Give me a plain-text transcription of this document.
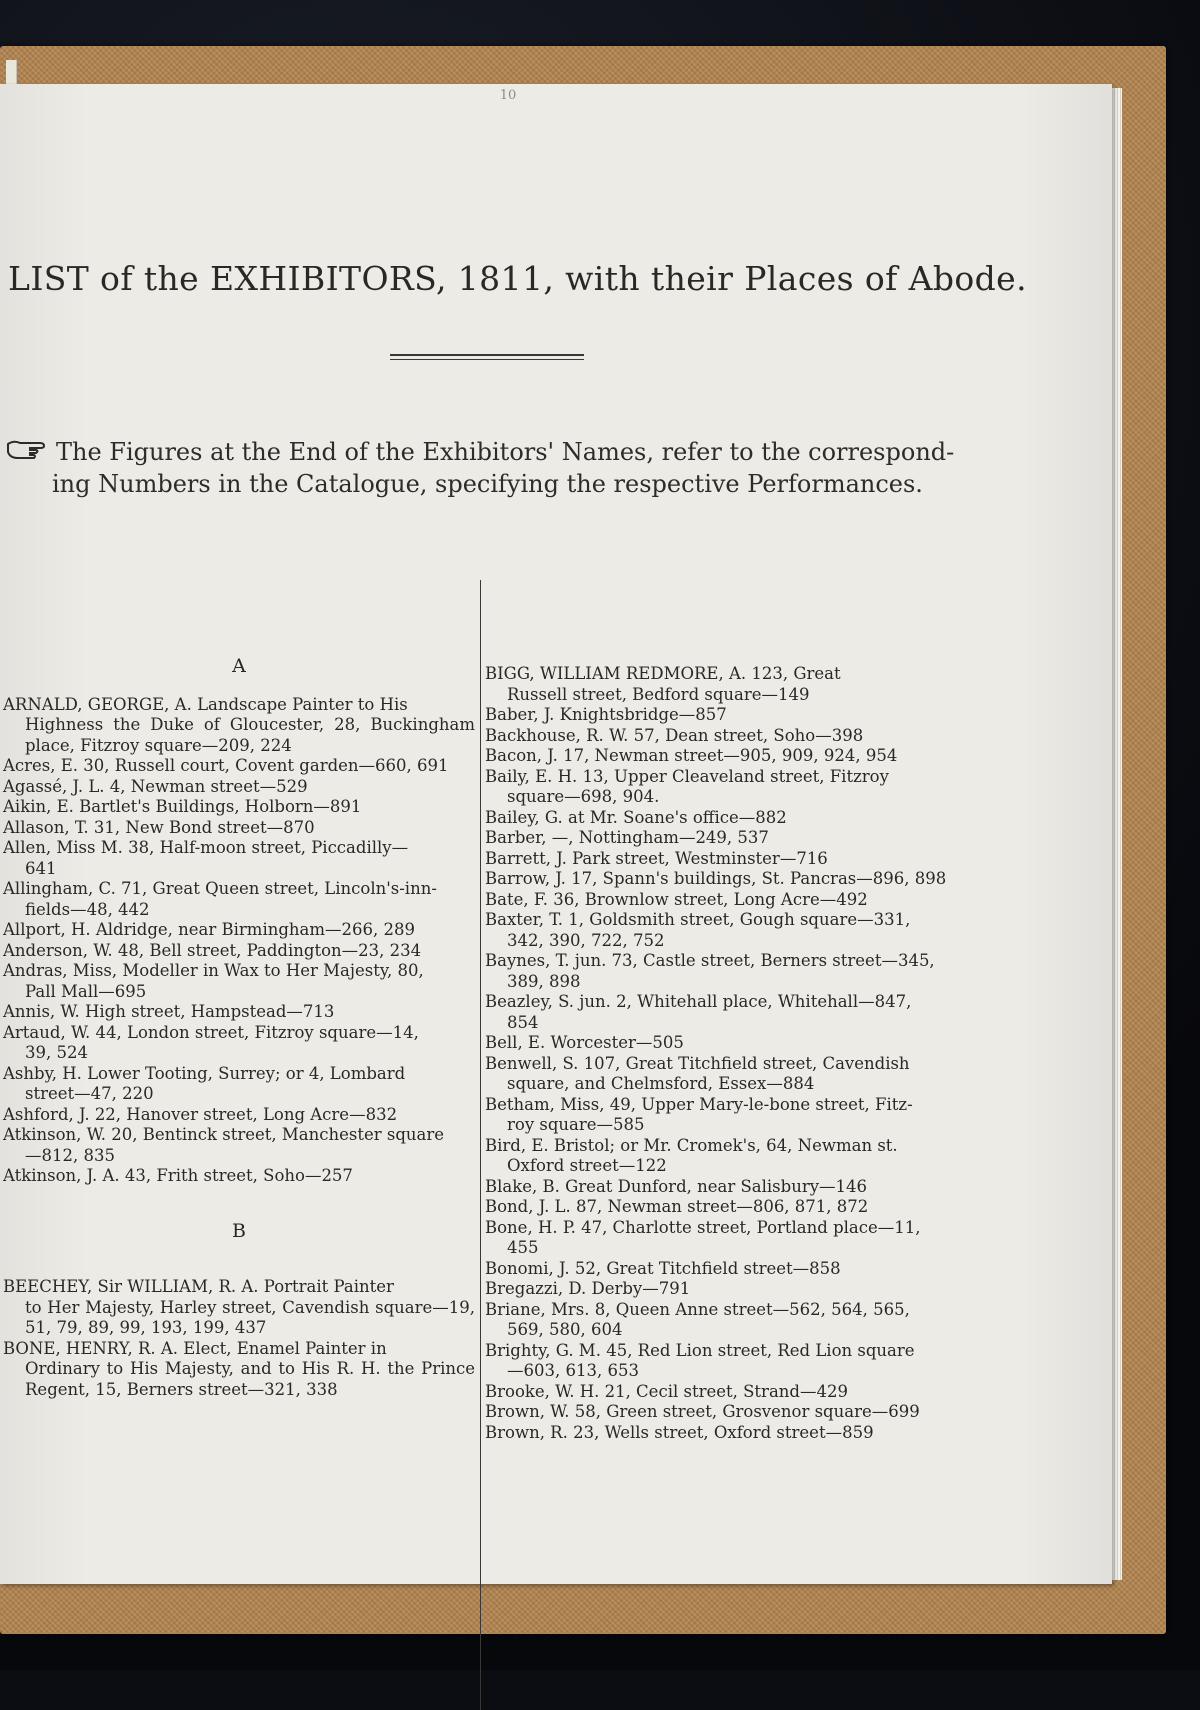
10
LIST of the EXHIBITORS, 1811, with their Places of Abode.
The Figures at the End of the Exhibitors' Names, refer to the correspond-
ing Numbers in the Catalogue, specifying the respective Performances.
A
ARNALD, GEORGE, A. Landscape Painter to His
Highness the Duke of Gloucester, 28, Buckingham place, Fitzroy square—209, 224
Acres, E. 30, Russell court, Covent garden—660, 691
Agassé, J. L. 4, Newman street—529
Aikin, E. Bartlet's Buildings, Holborn—891
Allason, T. 31, New Bond street—870
Allen, Miss M. 38, Half-moon street, Piccadilly—
641
Allingham, C. 71, Great Queen street, Lincoln's-inn-
fields—48, 442
Allport, H. Aldridge, near Birmingham—266, 289
Anderson, W. 48, Bell street, Paddington—23, 234
Andras, Miss, Modeller in Wax to Her Majesty, 80,
Pall Mall—695
Annis, W. High street, Hampstead—713
Artaud, W. 44, London street, Fitzroy square—14,
39, 524
Ashby, H. Lower Tooting, Surrey; or 4, Lombard
street—47, 220
Ashford, J. 22, Hanover street, Long Acre—832
Atkinson, W. 20, Bentinck street, Manchester square
—812, 835
Atkinson, J. A. 43, Frith street, Soho—257
B
BEECHEY, Sir WILLIAM, R. A. Portrait Painter
to Her Majesty, Harley street, Cavendish square—19, 51, 79, 89, 99, 193, 199, 437
BONE, HENRY, R. A. Elect, Enamel Painter in
Ordinary to His Majesty, and to His R. H. the Prince Regent, 15, Berners street—321, 338
BIGG, WILLIAM REDMORE, A. 123, Great
Russell street, Bedford square—149
Baber, J. Knightsbridge—857
Backhouse, R. W. 57, Dean street, Soho—398
Bacon, J. 17, Newman street—905, 909, 924, 954
Baily, E. H. 13, Upper Cleaveland street, Fitzroy
square—698, 904.
Bailey, G. at Mr. Soane's office—882
Barber, —, Nottingham—249, 537
Barrett, J. Park street, Westminster—716
Barrow, J. 17, Spann's buildings, St. Pancras—896, 898
Bate, F. 36, Brownlow street, Long Acre—492
Baxter, T. 1, Goldsmith street, Gough square—331,
342, 390, 722, 752
Baynes, T. jun. 73, Castle street, Berners street—345,
389, 898
Beazley, S. jun. 2, Whitehall place, Whitehall—847,
854
Bell, E. Worcester—505
Benwell, S. 107, Great Titchfield street, Cavendish
square, and Chelmsford, Essex—884
Betham, Miss, 49, Upper Mary-le-bone street, Fitz-
roy square—585
Bird, E. Bristol; or Mr. Cromek's, 64, Newman st.
Oxford street—122
Blake, B. Great Dunford, near Salisbury—146
Bond, J. L. 87, Newman street—806, 871, 872
Bone, H. P. 47, Charlotte street, Portland place—11,
455
Bonomi, J. 52, Great Titchfield street—858
Bregazzi, D. Derby—791
Briane, Mrs. 8, Queen Anne street—562, 564, 565,
569, 580, 604
Brighty, G. M. 45, Red Lion street, Red Lion square
—603, 613, 653
Brooke, W. H. 21, Cecil street, Strand—429
Brown, W. 58, Green street, Grosvenor square—699
Brown, R. 23, Wells street, Oxford street—859
